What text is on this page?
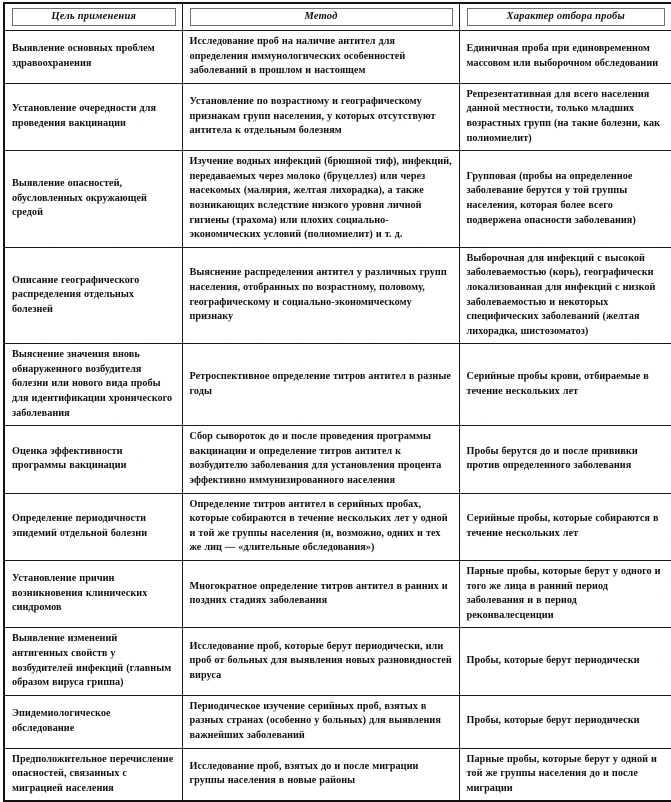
Цель применения	Метод	Характер отбора пробы

Выявление основных проблем здравоохранения	Исследование проб на наличие антител для определения иммунологических особенностей заболеваний в прошлом и настоящем	Единичная проба при единовременном массовом или выборочном обследовании
Установление очередности для проведения вакцинации	Установление по возрастному и географическому признакам групп населения, у которых отсутствуют антитела к отдельным болезням	Репрезентативная для всего населения данной местности, только младших возрастных групп (на такие болезни, как полиомиелит)
Выявление опасностей, обусловленных окружающей средой	Изучение водных инфекций (брюшной тиф), инфекций, передаваемых через молоко (бруцеллез) или через насекомых (малярия, желтая лихорадка), а также возникающих вследствие низкого уровня личной гигиены (трахома) или плохих социально-экономических условий (полиомиелит) и т. д.	Групповая (пробы на определенное заболевание берутся у той группы населения, которая более всего подвержена опасности заболевания)
Описание географического распределения отдельных болезней	Выяснение распределения антител у различных групп населения, отобранных по возрастному, половому, географическому и социально-экономическому признаку	Выборочная для инфекций с высокой заболеваемостью (корь), географически локализованная для инфекций с низкой заболеваемостью и некоторых специфических заболеваний (желтая лихорадка, шистозоматоз)
Выяснение значения вновь обнаруженного возбудителя болезни или нового вида пробы для идентификации хронического заболевания	Ретроспективное определение титров антител в разные годы	Серийные пробы крови, отбираемые в течение нескольких лет
Оценка эффективности программы вакцинации	Сбор сывороток до и после проведения программы вакцинации и определение титров антител к возбудителю заболевания для установления процента эффективно иммунизированного населения	Пробы берутся до и после прививки против определенного заболевания
Определение периодичности эпидемий отдельной болезни	Определение титров антител в серийных пробах, которые собираются в течение нескольких лет у одной и той же группы населения (и, возможно, одних и тех же лиц — «длительные обследования»)	Серийные пробы, которые собираются в течение нескольких лет
Установление причин возникновения клинических синдромов	Многократное определение титров антител в ранних и поздних стадиях заболевания	Парные пробы, которые берут у одного и того же лица в ранний период заболевания и в период реконвалесценции
Выявление изменений антигенных свойств у возбудителей инфекций (главным образом вируса гриппа)	Исследование проб, которые берут периодически, или проб от больных для выявления новых разновидностей вируса	Пробы, которые берут периодически
Эпидемиологическое обследование	Периодическое изучение серийных проб, взятых в разных странах (особенно у больных) для выявления важнейших заболеваний	Пробы, которые берут периодически
Предположительное перечисление опасностей, связанных с миграцией населения	Исследование проб, взятых до и после миграции группы населения в новые районы	Парные пробы, которые берут у одной и той же группы населения до и после миграции
